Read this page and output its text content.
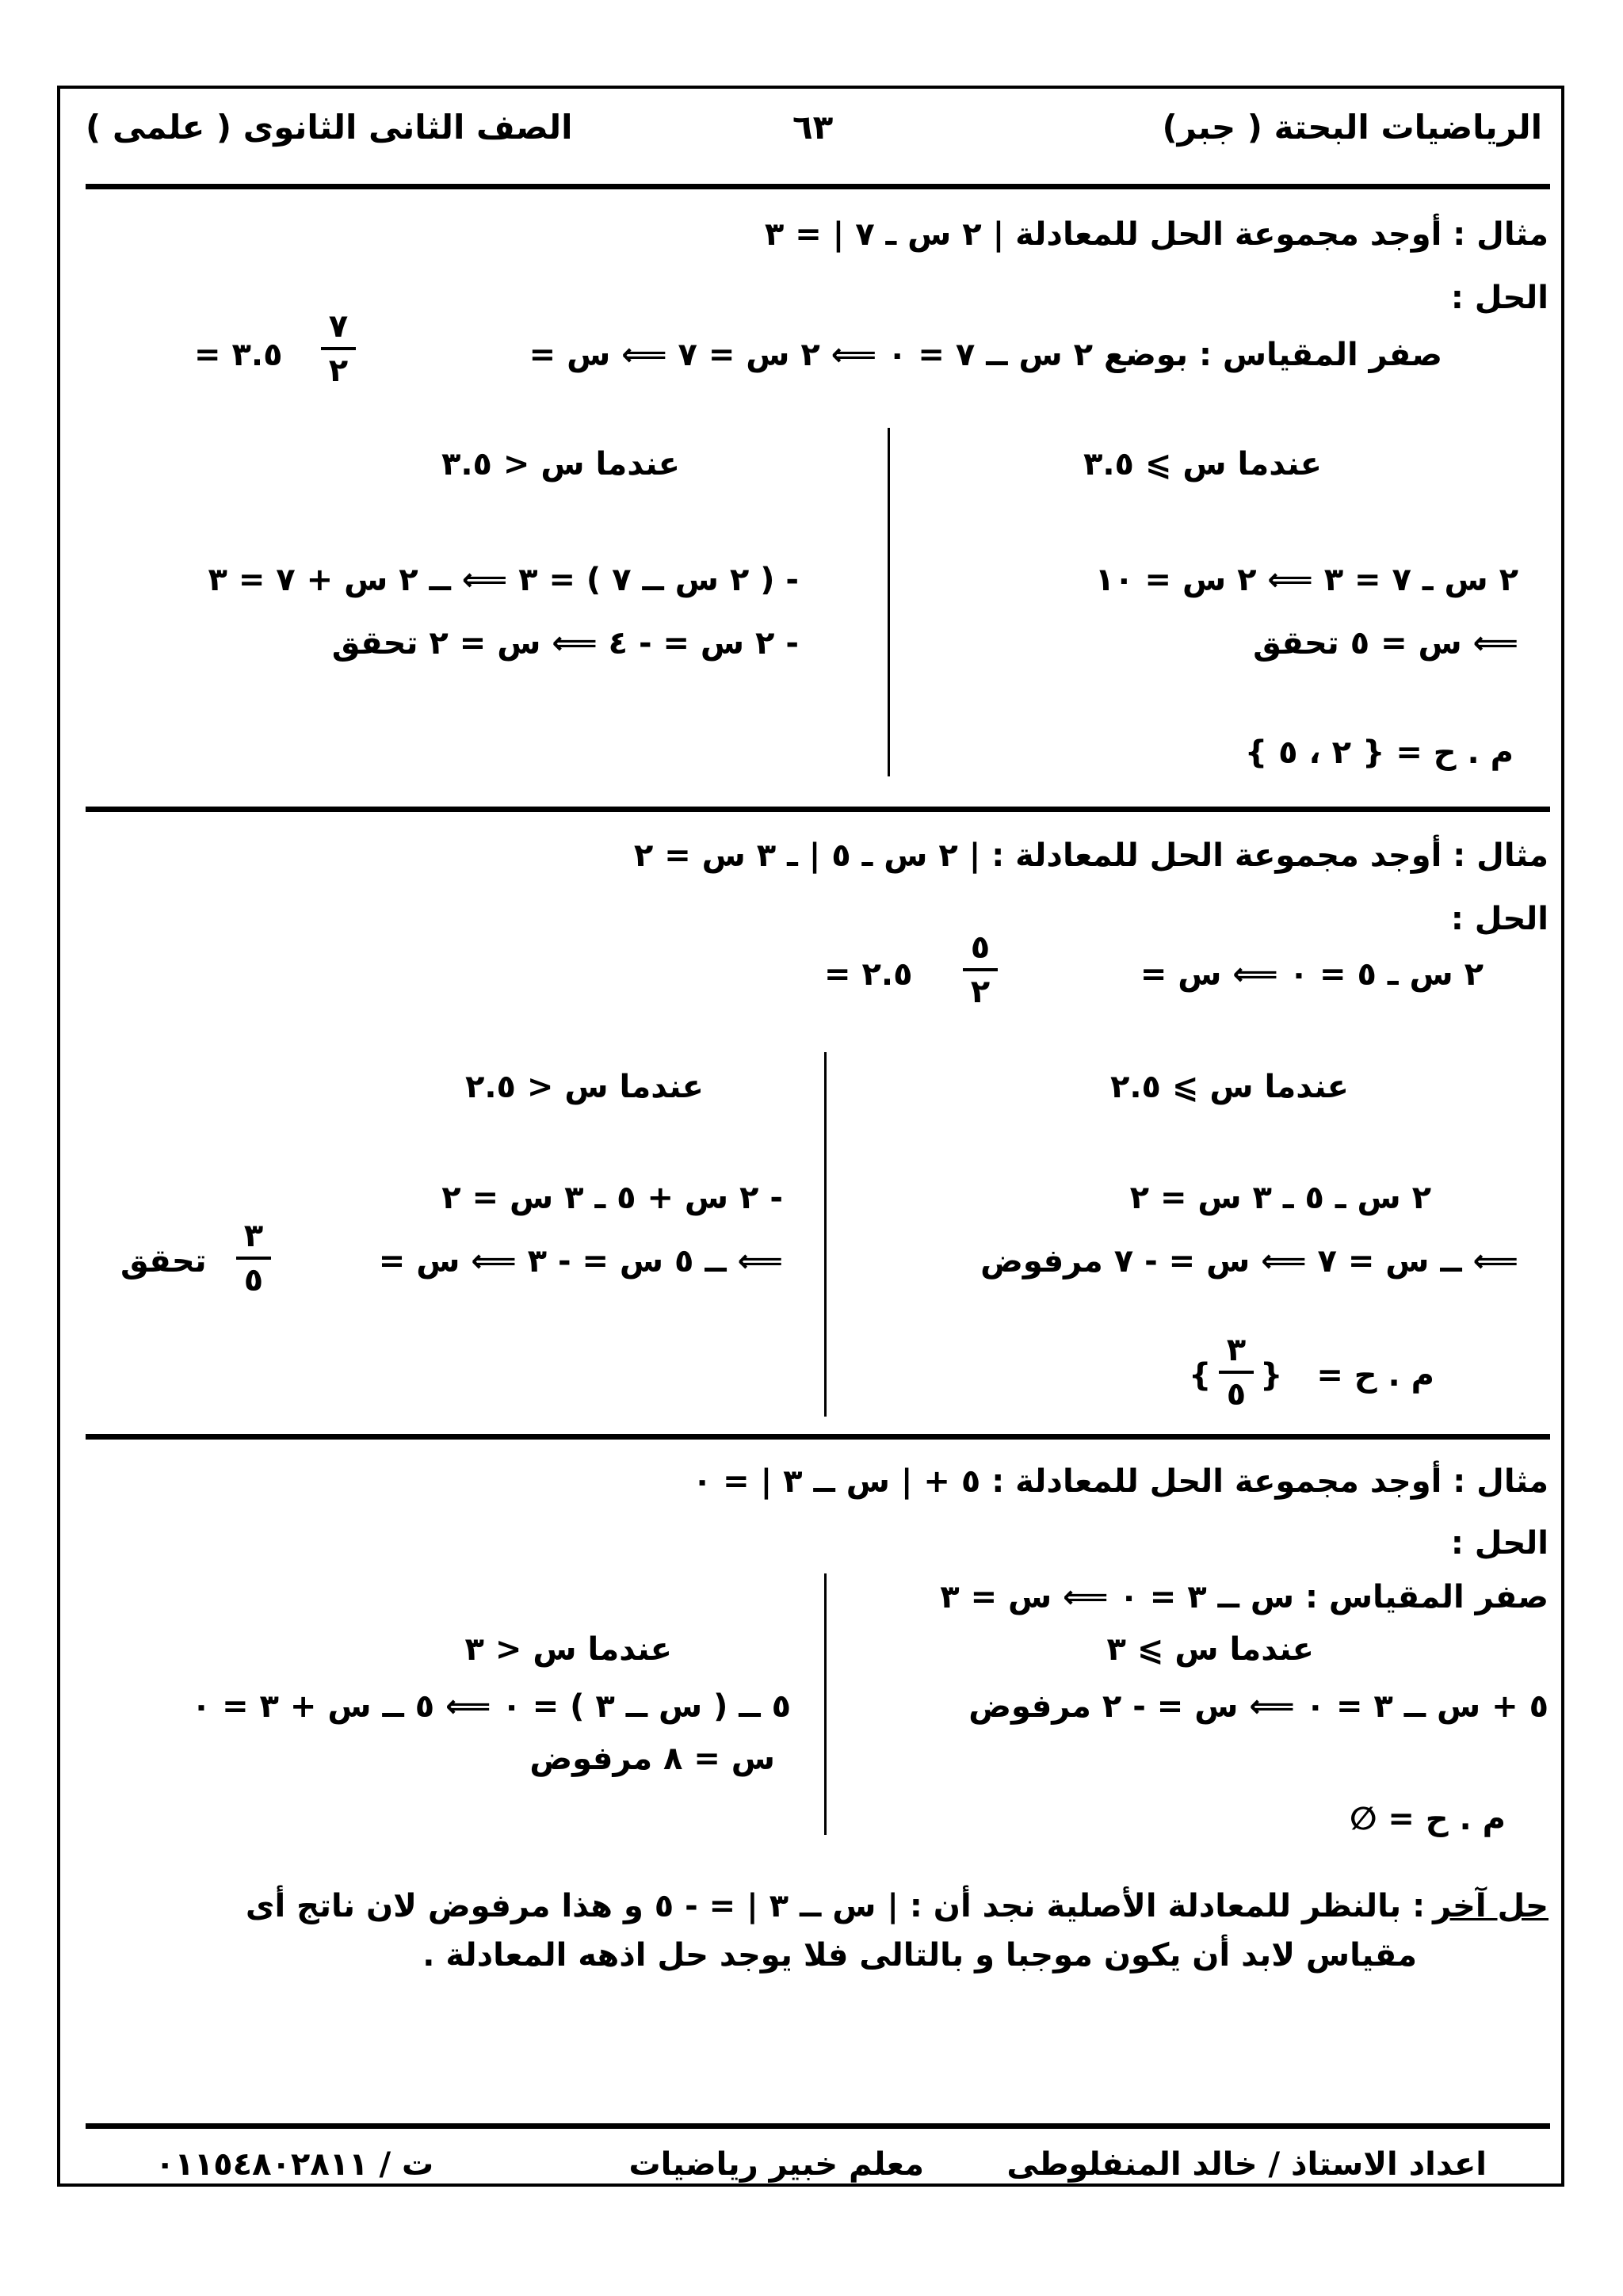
الرياضيات البحتة ( جبر)
٦٣
الصف الثانى الثانوى ( علمى )
مثال : أوجد مجموعة الحل للمعادلة | ٢ س ـ ٧ | = ٣
الحل :
صفر المقياس : بوضع ٢ س ــ ٧ = ٠ ⟸ ٢ س = ٧ ⟸ س =
٧
٢
= ٣.٥
عندما س ⩾ ٣.٥
٢ س ـ ٧ = ٣ ⟸ ٢ س = ١٠
⟸ س = ٥ تحقق
م . ح = { ٢ ، ٥ }
عندما س < ٣.٥
- ( ٢ س ــ ٧ ) = ٣ ⟸ ــ ٢ س + ٧ = ٣
- ٢ س = - ٤ ⟸ س = ٢ تحقق
مثال : أوجد مجموعة الحل للمعادلة : | ٢ س ـ ٥ | ـ ٣ س = ٢
الحل :
٢ س ـ ٥ = ٠ ⟸ س =
٥
٢
= ٢.٥
عندما س ⩾ ٢.٥
٢ س ـ ٥ ـ ٣ س = ٢
⟸ ــ س = ٧ ⟸ س = - ٧ مرفوض
م . ح =
{
٣
٥
}
عندما س < ٢.٥
- ٢ س + ٥ ـ ٣ س = ٢
⟸ ــ ٥ س = - ٣ ⟸ س =
٣
٥
تحقق
مثال : أوجد مجموعة الحل للمعادلة : ٥ + | س ــ ٣ | = ٠
الحل :
صفر المقياس : س ــ ٣ = ٠ ⟸ س = ٣
عندما س ⩾ ٣
٥ + س ــ ٣ = ٠ ⟸ س = - ٢ مرفوض
م . ح = ∅
عندما س < ٣
٥ ــ ( س ــ ٣ ) = ٠ ⟸ ٥ ــ س + ٣ = ٠
س = ٨ مرفوض
حل آخر
: بالنظر للمعادلة الأصلية نجد أن : | س ــ ٣ | = - ٥ و هذا مرفوض لان ناتج أى
مقياس لابد أن يكون موجبا و بالتالى فلا يوجد حل اذهه المعادلة .
اعداد الاستاذ / خالد المنفلوطى
معلم خبير رياضيات
ت / ٠١١٥٤٨٠٢٨١١
